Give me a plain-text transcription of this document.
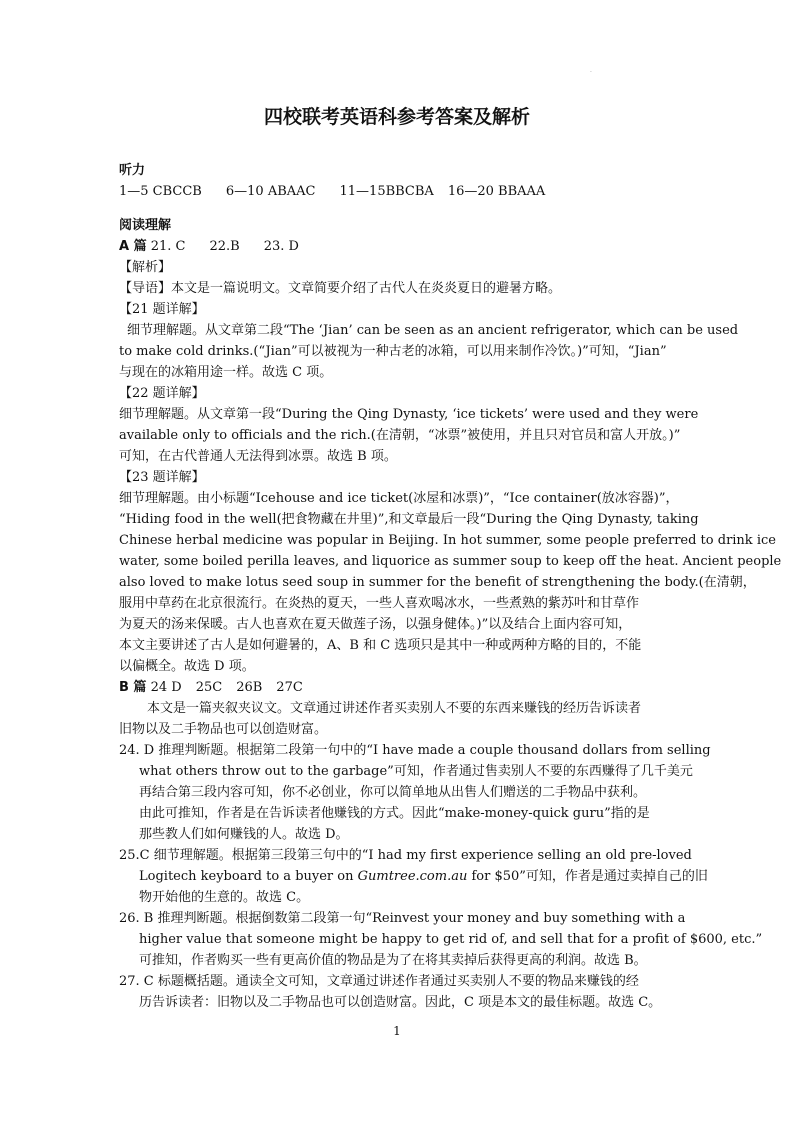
·
四校联考英语科参考答案及解析

听力

1—5 CBCCB 6—10 ABAAC 11—15BBCBA 16—20 BBAAA

阅读理解

A 篇 21. C 22.B 23. D

【解析】

【导语】本文是一篇说明文。文章简要介绍了古代人在炎炎夏日的避暑方略。

【21 题详解】

细节理解题。从文章第二段“The ‘Jian’ can be seen as an ancient refrigerator, which can be used

to make cold drinks.(“Jian”可以被视为一种古老的冰箱，可以用来制作冷饮。)”可知，“Jian”

与现在的冰箱用途一样。故选 C 项。

【22 题详解】

细节理解题。从文章第一段“During the Qing Dynasty, ‘ice tickets’ were used and they were

available only to officials and the rich.(在清朝，“冰票”被使用，并且只对官员和富人开放。)”

可知，在古代普通人无法得到冰票。故选 B 项。

【23 题详解】

细节理解题。由小标题“Icehouse and ice ticket(冰屋和冰票)”，“Ice container(放冰容器)”，

“Hiding food in the well(把食物藏在井里)”,和文章最后一段“During the Qing Dynasty, taking

Chinese herbal medicine was popular in Beijing. In hot summer, some people preferred to drink ice

water, some boiled perilla leaves, and liquorice as summer soup to keep off the heat. Ancient people

also loved to make lotus seed soup in summer for the benefit of strengthening the body.(在清朝，

服用中草药在北京很流行。在炎热的夏天，一些人喜欢喝冰水，一些煮熟的紫苏叶和甘草作

为夏天的汤来保暖。古人也喜欢在夏天做莲子汤，以强身健体。)”以及结合上面内容可知，

本文主要讲述了古人是如何避暑的，A、B 和 C 选项只是其中一种或两种方略的目的，不能

以偏概全。故选 D 项。

B 篇 24 D 25C 26B 27C

本文是一篇夹叙夹议文。文章通过讲述作者买卖别人不要的东西来赚钱的经历告诉读者

旧物以及二手物品也可以创造财富。

24. D 推理判断题。根据第二段第一句中的“I have made a couple thousand dollars from selling

what others throw out to the garbage”可知，作者通过售卖别人不要的东西赚得了几千美元

再结合第三段内容可知，你不必创业，你可以简单地从出售人们赠送的二手物品中获利。

由此可推知，作者是在告诉读者他赚钱的方式。因此“make-money-quick guru”指的是

那些教人们如何赚钱的人。故选 D。

25.C 细节理解题。根据第三段第三句中的“I had my first experience selling an old pre-loved

Logitech keyboard to a buyer on Gumtree.com.au for $50”可知，作者是通过卖掉自己的旧

物开始他的生意的。故选 C。

26. B 推理判断题。根据倒数第二段第一句“Reinvest your money and buy something with a

higher value that someone might be happy to get rid of, and sell that for a profit of $600, etc.”

可推知，作者购买一些有更高价值的物品是为了在将其卖掉后获得更高的利润。故选 B。

27. C 标题概括题。通读全文可知，文章通过讲述作者通过买卖别人不要的物品来赚钱的经

历告诉读者：旧物以及二手物品也可以创造财富。因此，C 项是本文的最佳标题。故选 C。

1
